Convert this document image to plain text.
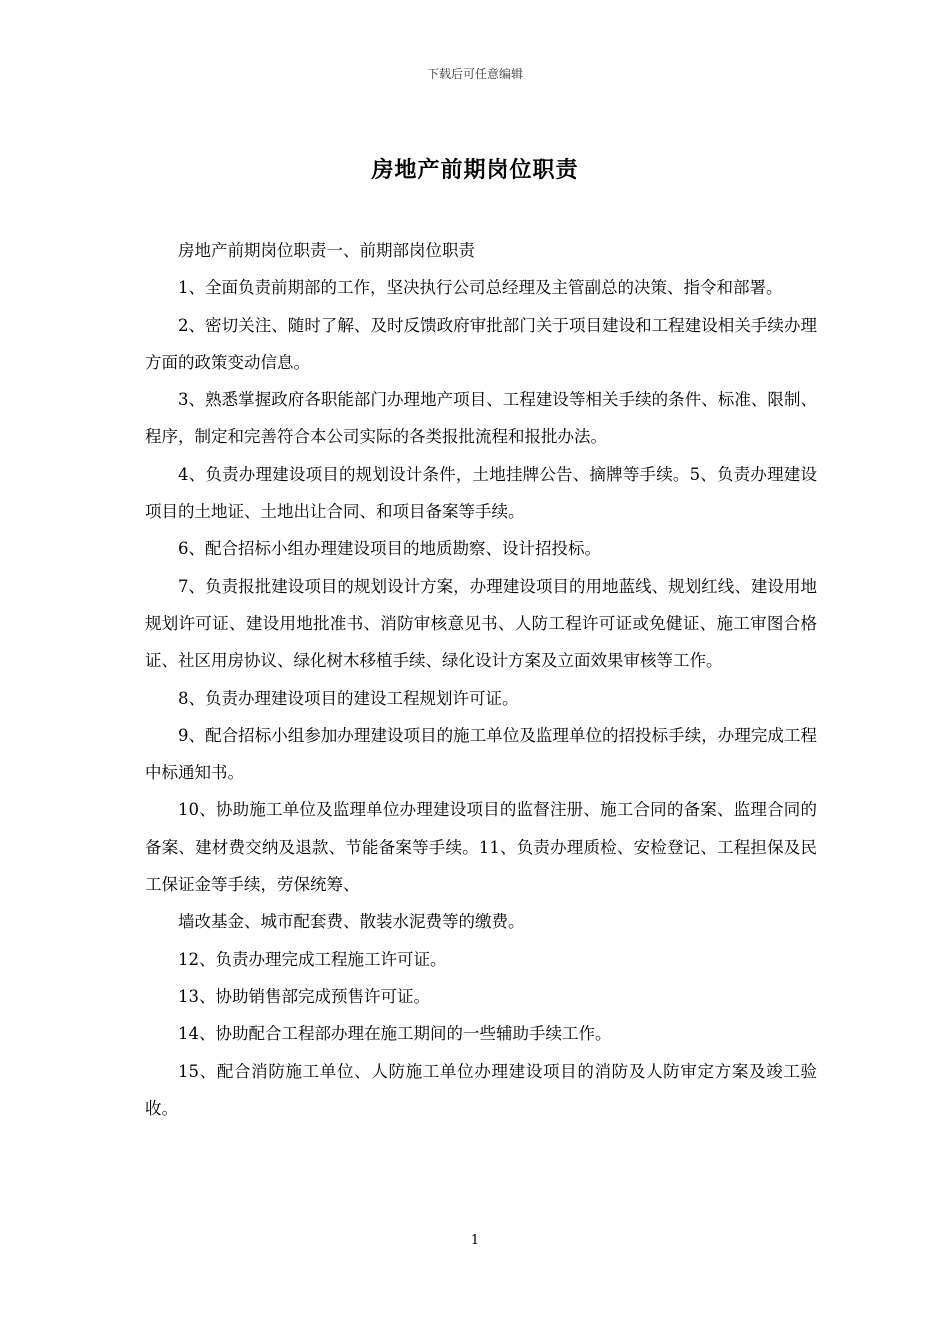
下载后可任意编辑
房地产前期岗位职责

房地产前期岗位职责一、前期部岗位职责

1、全面负责前期部的工作，坚决执行公司总经理及主管副总的决策、指令和部署。

2、密切关注、随时了解、及时反馈政府审批部门关于项目建设和工程建设相关手续办理方面的政策变动信息。

3、熟悉掌握政府各职能部门办理地产项目、工程建设等相关手续的条件、标准、限制、程序，制定和完善符合本公司实际的各类报批流程和报批办法。

4、负责办理建设项目的规划设计条件，土地挂牌公告、摘牌等手续。5、负责办理建设项目的土地证、土地出让合同、和项目备案等手续。

6、配合招标小组办理建设项目的地质勘察、设计招投标。

7、负责报批建设项目的规划设计方案，办理建设项目的用地蓝线、规划红线、建设用地规划许可证、建设用地批准书、消防审核意见书、人防工程许可证或免健证、施工审图合格证、社区用房协议、绿化树木移植手续、绿化设计方案及立面效果审核等工作。

8、负责办理建设项目的建设工程规划许可证。

9、配合招标小组参加办理建设项目的施工单位及监理单位的招投标手续，办理完成工程中标通知书。

10、协助施工单位及监理单位办理建设项目的监督注册、施工合同的备案、监理合同的备案、建材费交纳及退款、节能备案等手续。11、负责办理质检、安检登记、工程担保及民工保证金等手续，劳保统筹、

墙改基金、城市配套费、散装水泥费等的缴费。

12、负责办理完成工程施工许可证。

13、协助销售部完成预售许可证。

14、协助配合工程部办理在施工期间的一些辅助手续工作。

15、配合消防施工单位、人防施工单位办理建设项目的消防及人防审定方案及竣工验收。

1
